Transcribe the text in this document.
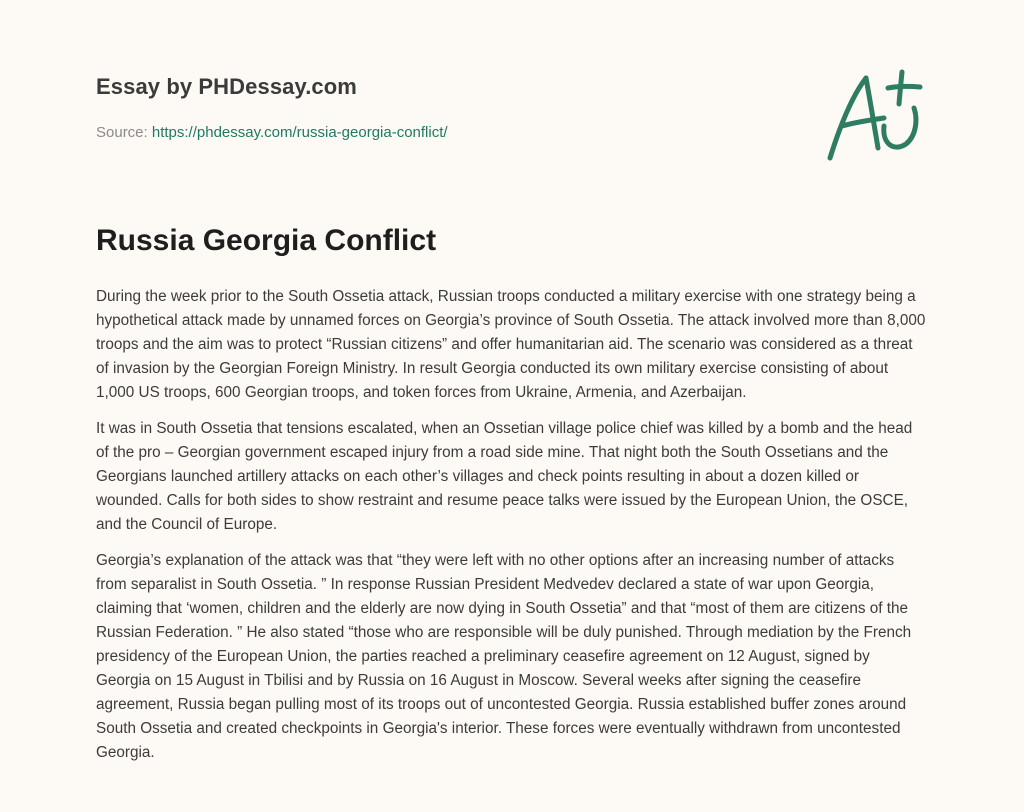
Essay by PHDessay.com

Source: https://phdessay.com/russia-georgia-conflict/

Russia Georgia Conflict

During the week prior to the South Ossetia attack, Russian troops conducted a military exercise with one strategy being a hypothetical attack made by unnamed forces on Georgia’s province of South Ossetia. The attack involved more than 8,000 troops and the aim was to protect “Russian citizens” and offer humanitarian aid. The scenario was considered as a threat of invasion by the Georgian Foreign Ministry. In result Georgia conducted its own military exercise consisting of about 1,000 US troops, 600 Georgian troops, and token forces from Ukraine, Armenia, and Azerbaijan.

It was in South Ossetia that tensions escalated, when an Ossetian village police chief was killed by a bomb and the head of the pro – Georgian government escaped injury from a road side mine. That night both the South Ossetians and the Georgians launched artillery attacks on each other’s villages and check points resulting in about a dozen killed or wounded. Calls for both sides to show restraint and resume peace talks were issued by the European Union, the OSCE, and the Council of Europe.

Georgia’s explanation of the attack was that “they were left with no other options after an increasing number of attacks from separalist in South Ossetia. ” In response Russian President Medvedev declared a state of war upon Georgia, claiming that ‘women, children and the elderly are now dying in South Ossetia” and that “most of them are citizens of the Russian Federation. ” He also stated “those who are responsible will be duly punished. Through mediation by the French presidency of the European Union, the parties reached a preliminary ceasefire agreement on 12 August, signed by Georgia on 15 August in Tbilisi and by Russia on 16 August in Moscow. Several weeks after signing the ceasefire agreement, Russia began pulling most of its troops out of uncontested Georgia. Russia established buffer zones around South Ossetia and created checkpoints in Georgia's interior. These forces were eventually withdrawn from uncontested Georgia.
